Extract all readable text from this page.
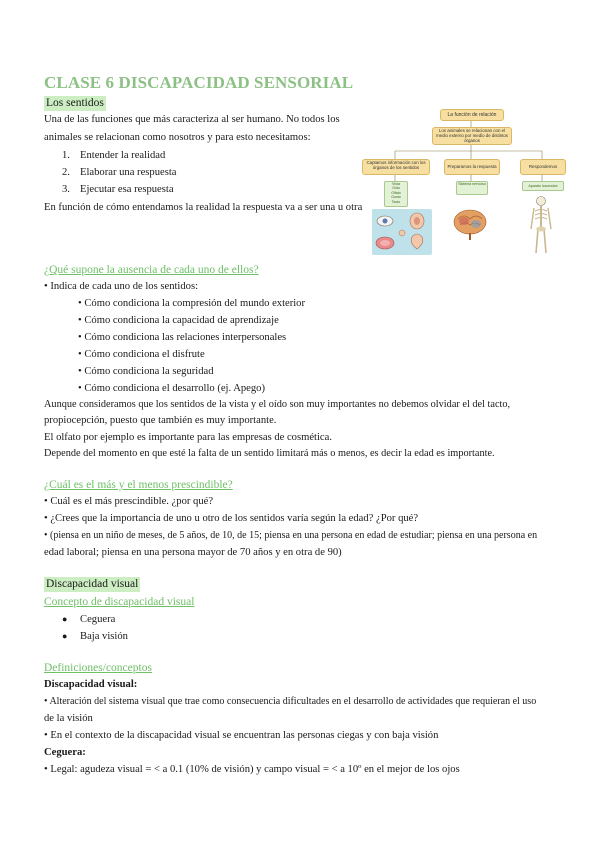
CLASE 6 DISCAPACIDAD SENSORIAL
Los sentidos
Una de las funciones que más caracteriza al ser humano. No todos los
animales se relacionan como nosotros y para esto necesitamos:
1. Entender la realidad
2. Elaborar una respuesta
3. Ejecutar esa respuesta
En función de cómo entendamos la realidad la respuesta va a ser una u otra
La función de relación
Los animales se relacionan con el medio externo por medio de distintos órganos
Captamos información con los órganos de los sentidos	Preparamos la respuesta	Respondemos
Vista
Oído
Olfato
Gusto
Tacto
Sistema nervioso	Aparato locomotor
¿Qué supone la ausencia de cada uno de ellos?
• Indica de cada uno de los sentidos:
• Cómo condiciona la compresión del mundo exterior
• Cómo condiciona la capacidad de aprendizaje
• Cómo condiciona las relaciones interpersonales
• Cómo condiciona el disfrute
• Cómo condiciona la seguridad
• Cómo condiciona el desarrollo (ej. Apego)
Aunque consideramos que los sentidos de la vista y el oído son muy importantes no debemos olvidar el del tacto,
propiocepción, puesto que también es muy importante.
El olfato por ejemplo es importante para las empresas de cosmética.
Depende del momento en que esté la falta de un sentido limitará más o menos, es decir la edad es importante.
¿Cuál es el más y el menos prescindible?
• Cuál es el más prescindible. ¿por qué?
• ¿Crees que la importancia de uno u otro de los sentidos varía según la edad? ¿Por qué?
• (piensa en un niño de meses, de 5 años, de 10, de 15; piensa en una persona en edad de estudiar; piensa en una persona en
edad laboral; piensa en una persona mayor de 70 años y en otra de 90)
Discapacidad visual
Concepto de discapacidad visual
● Ceguera
● Baja visión
Definiciones/conceptos
Discapacidad visual:
• Alteración del sistema visual que trae como consecuencia dificultades en el desarrollo de actividades que requieran el uso
de la visión
• En el contexto de la discapacidad visual se encuentran las personas ciegas y con baja visión
Ceguera:
• Legal: agudeza visual = < a 0.1 (10% de visión) y campo visual = < a 10º en el mejor de los ojos
